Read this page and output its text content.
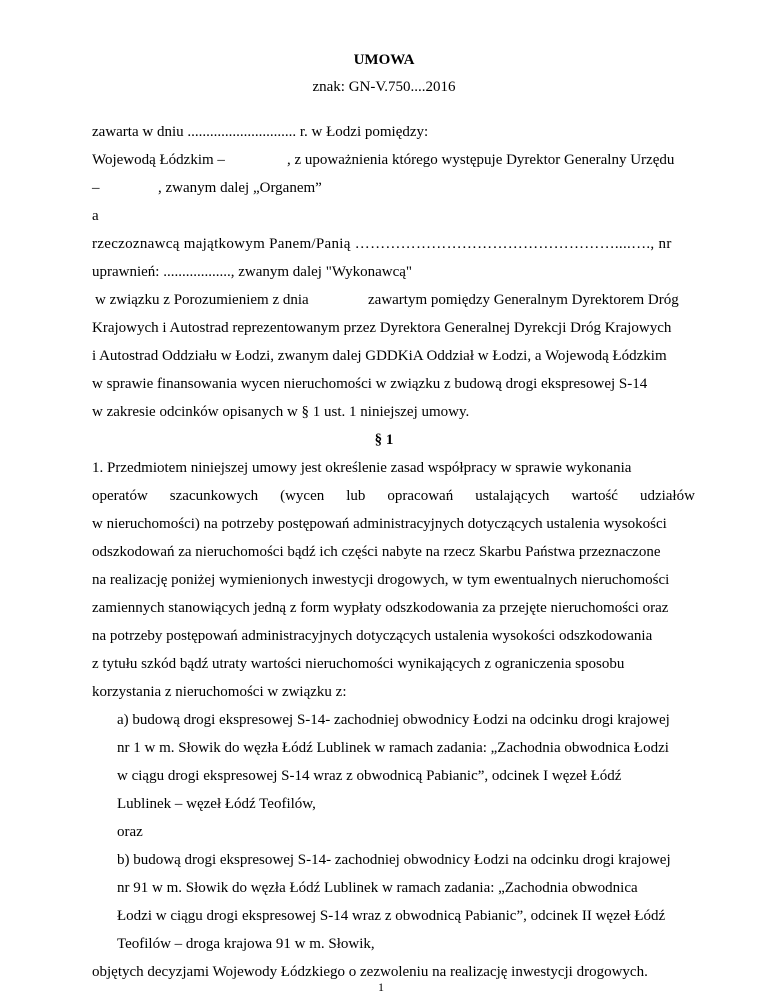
UMOWA
znak: GN-V.750....2016
zawarta w dniu ............................. r. w Łodzi pomiędzy:
Wojewodą Łódzkim –	, z upoważnienia którego występuje Dyrektor Generalny Urzędu
–	, zwanym dalej „Organem”
a
rzeczoznawcą majątkowym Panem/Panią ……………………………………………....…., nr
uprawnień: .................., zwanym dalej "Wykonawcą"
w związku z Porozumieniem z dnia	zawartym pomiędzy Generalnym Dyrektorem Dróg
Krajowych i Autostrad reprezentowanym przez Dyrektora Generalnej Dyrekcji Dróg Krajowych
i Autostrad Oddziału w Łodzi, zwanym dalej GDDKiA Oddział w Łodzi, a Wojewodą Łódzkim
w sprawie finansowania wycen nieruchomości w związku z budową drogi ekspresowej S-14
w zakresie odcinków opisanych w § 1 ust. 1 niniejszej umowy.
§ 1
1. Przedmiotem niniejszej umowy jest określenie zasad współpracy w sprawie wykonania
operatów szacunkowych (wycen lub opracowań ustalających wartość udziałów
w nieruchomości) na potrzeby postępowań administracyjnych dotyczących ustalenia wysokości
odszkodowań za nieruchomości bądź ich części nabyte na rzecz Skarbu Państwa przeznaczone
na realizację poniżej wymienionych inwestycji drogowych, w tym ewentualnych nieruchomości
zamiennych stanowiących jedną z form wypłaty odszkodowania za przejęte nieruchomości oraz
na potrzeby postępowań administracyjnych dotyczących ustalenia wysokości odszkodowania
z tytułu szkód bądź utraty wartości nieruchomości wynikających z ograniczenia sposobu
korzystania z nieruchomości w związku z:
a) budową drogi ekspresowej S-14- zachodniej obwodnicy Łodzi na odcinku drogi krajowej
nr 1 w m. Słowik do węzła Łódź Lublinek w ramach zadania: „Zachodnia obwodnica Łodzi
w ciągu drogi ekspresowej S-14 wraz z obwodnicą Pabianic”, odcinek I węzeł Łódź
Lublinek – węzeł Łódź Teofilów,
oraz
b) budową drogi ekspresowej S-14- zachodniej obwodnicy Łodzi na odcinku drogi krajowej
nr 91 w m. Słowik do węzła Łódź Lublinek w ramach zadania: „Zachodnia obwodnica
Łodzi w ciągu drogi ekspresowej S-14 wraz z obwodnicą Pabianic”, odcinek II węzeł Łódź
Teofilów – droga krajowa 91 w m. Słowik,
objętych decyzjami Wojewody Łódzkiego o zezwoleniu na realizację inwestycji drogowych.
1
